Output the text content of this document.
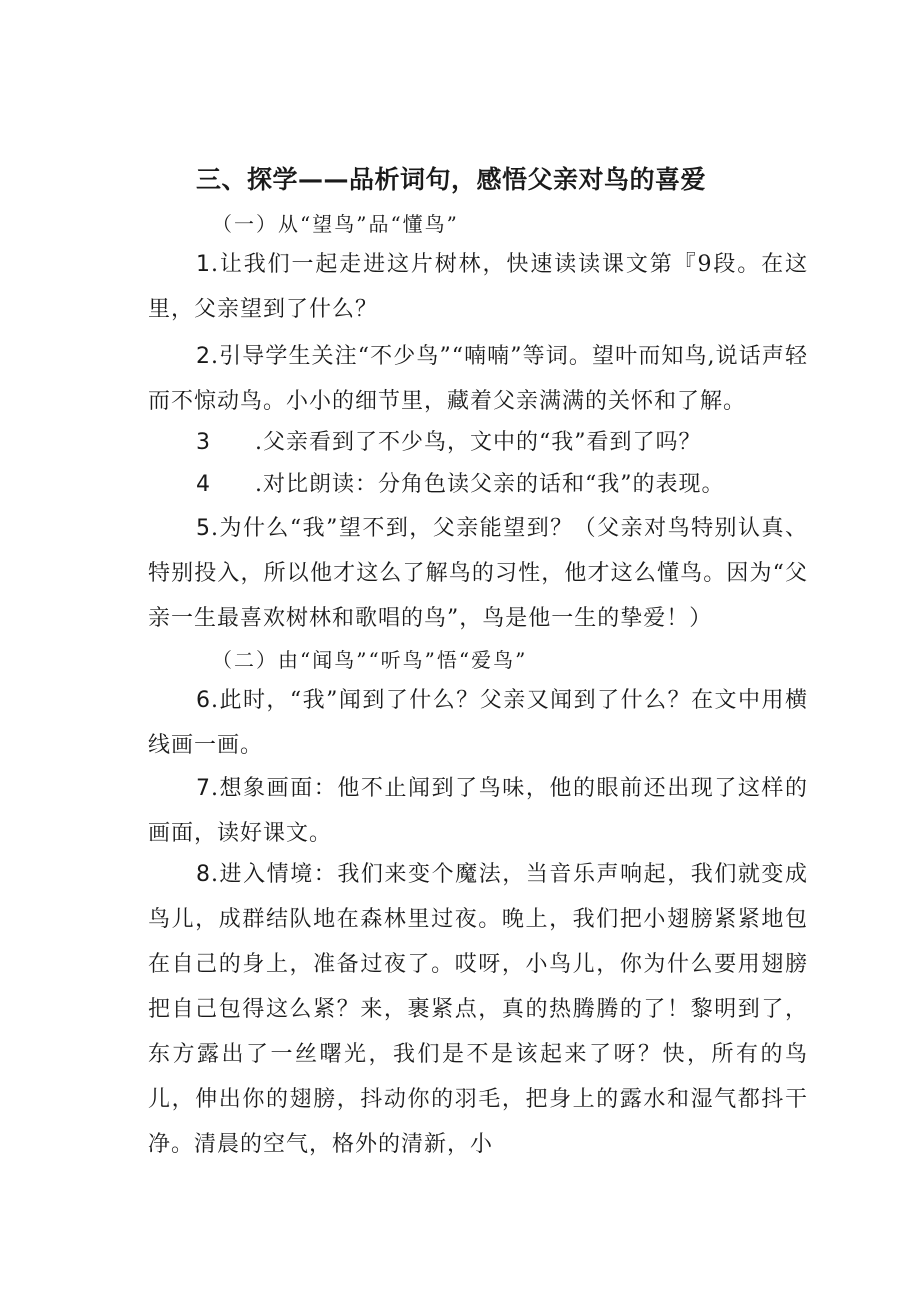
三、探学——品析词句，感悟父亲对鸟的喜爱
（一）从“望鸟”品“懂鸟”
1.让我们一起走进这片树林，快速读读课文第『9段。在这里，父亲望到了什么？
2.引导学生关注“不少鸟”“喃喃”等词。望叶而知鸟,说话声轻而不惊动鸟。小小的细节里，藏着父亲满满的关怀和了解。
3 .父亲看到了不少鸟，文中的“我”看到了吗？
4 .对比朗读：分角色读父亲的话和“我”的表现。
5.为什么“我”望不到，父亲能望到？（父亲对鸟特别认真、特别投入，所以他才这么了解鸟的习性，他才这么懂鸟。因为“父亲一生最喜欢树林和歌唱的鸟”，鸟是他一生的挚爱！）
（二）由“闻鸟”“听鸟”悟“爱鸟”
6.此时，“我”闻到了什么？父亲又闻到了什么？在文中用横线画一画。
7.想象画面：他不止闻到了鸟味，他的眼前还出现了这样的画面，读好课文。
8.进入情境：我们来变个魔法，当音乐声响起，我们就变成鸟儿，成群结队地在森林里过夜。晚上，我们把小翅膀紧紧地包在自己的身上，准备过夜了。哎呀，小鸟儿，你为什么要用翅膀把自己包得这么紧？来，裹紧点，真的热腾腾的了！黎明到了，东方露出了一丝曙光，我们是不是该起来了呀？快，所有的鸟儿，伸出你的翅膀，抖动你的羽毛，把身上的露水和湿气都抖干净。清晨的空气，格外的清新，小
